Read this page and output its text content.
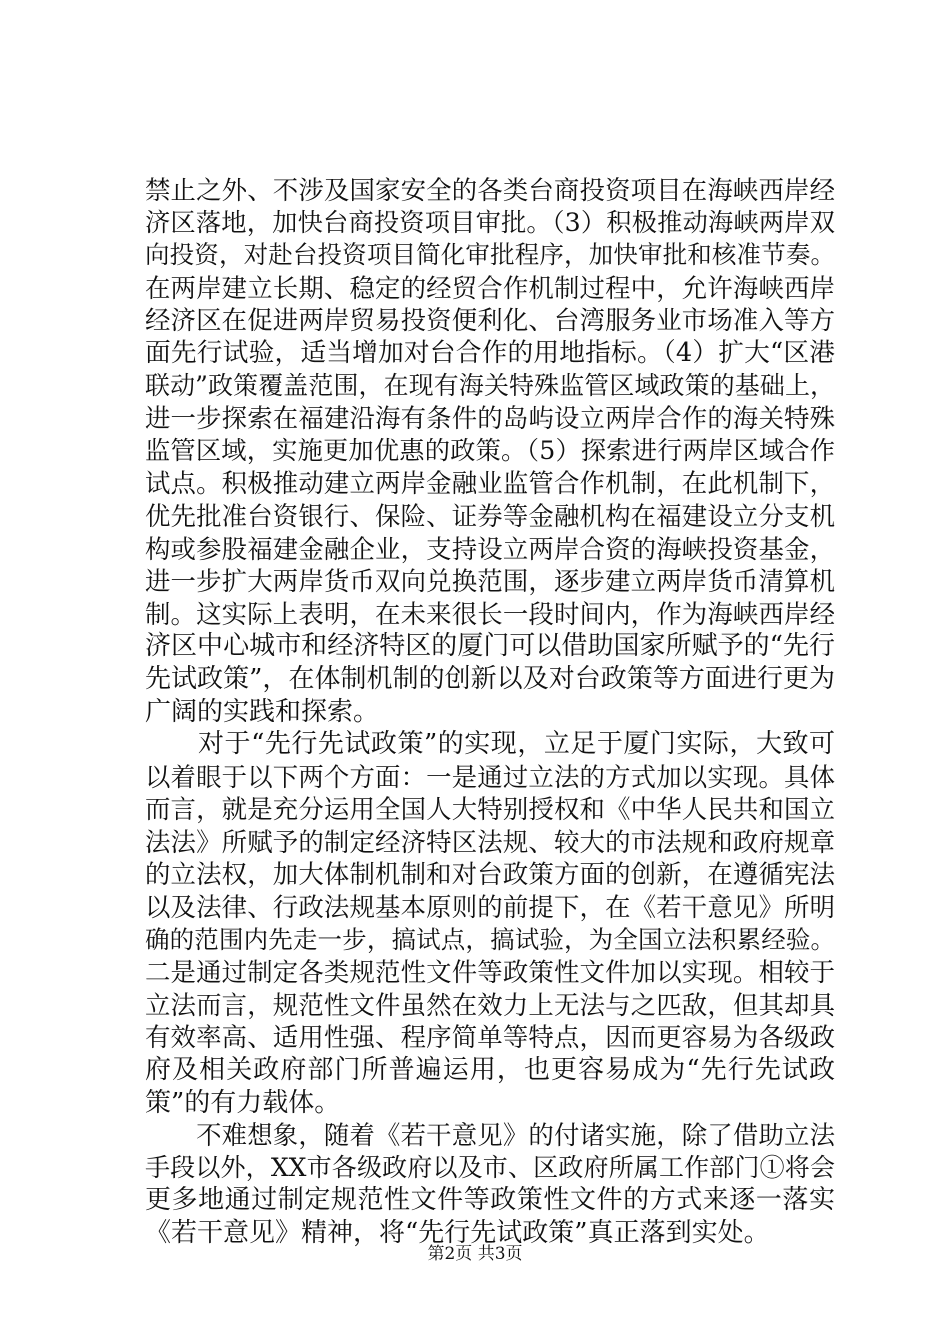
禁止之外、不涉及国家安全的各类台商投资项目在海峡西岸经
济区落地，加快台商投资项目审批。（3）积极推动海峡两岸双
向投资，对赴台投资项目简化审批程序，加快审批和核准节奏。
在两岸建立长期、稳定的经贸合作机制过程中，允许海峡西岸
经济区在促进两岸贸易投资便利化、台湾服务业市场准入等方
面先行试验，适当增加对台合作的用地指标。（4）扩大“区港
联动”政策覆盖范围，在现有海关特殊监管区域政策的基础上，
进一步探索在福建沿海有条件的岛屿设立两岸合作的海关特殊
监管区域，实施更加优惠的政策。（5）探索进行两岸区域合作
试点。积极推动建立两岸金融业监管合作机制，在此机制下，
优先批准台资银行、保险、证券等金融机构在福建设立分支机
构或参股福建金融企业，支持设立两岸合资的海峡投资基金，
进一步扩大两岸货币双向兑换范围，逐步建立两岸货币清算机
制。这实际上表明，在未来很长一段时间内，作为海峡西岸经
济区中心城市和经济特区的厦门可以借助国家所赋予的“先行
先试政策”，在体制机制的创新以及对台政策等方面进行更为
广阔的实践和探索。
　　对于“先行先试政策”的实现，立足于厦门实际，大致可
以着眼于以下两个方面：一是通过立法的方式加以实现。具体
而言，就是充分运用全国人大特别授权和《中华人民共和国立
法法》所赋予的制定经济特区法规、较大的市法规和政府规章
的立法权，加大体制机制和对台政策方面的创新，在遵循宪法
以及法律、行政法规基本原则的前提下，在《若干意见》所明
确的范围内先走一步，搞试点，搞试验，为全国立法积累经验。
二是通过制定各类规范性文件等政策性文件加以实现。相较于
立法而言，规范性文件虽然在效力上无法与之匹敌，但其却具
有效率高、适用性强、程序简单等特点，因而更容易为各级政
府及相关政府部门所普遍运用，也更容易成为“先行先试政
策”的有力载体。
　　不难想象，随着《若干意见》的付诸实施，除了借助立法
手段以外，XX市各级政府以及市、区政府所属工作部门①将会
更多地通过制定规范性文件等政策性文件的方式来逐一落实
《若干意见》精神，将“先行先试政策”真正落到实处。
第2页 共3页
